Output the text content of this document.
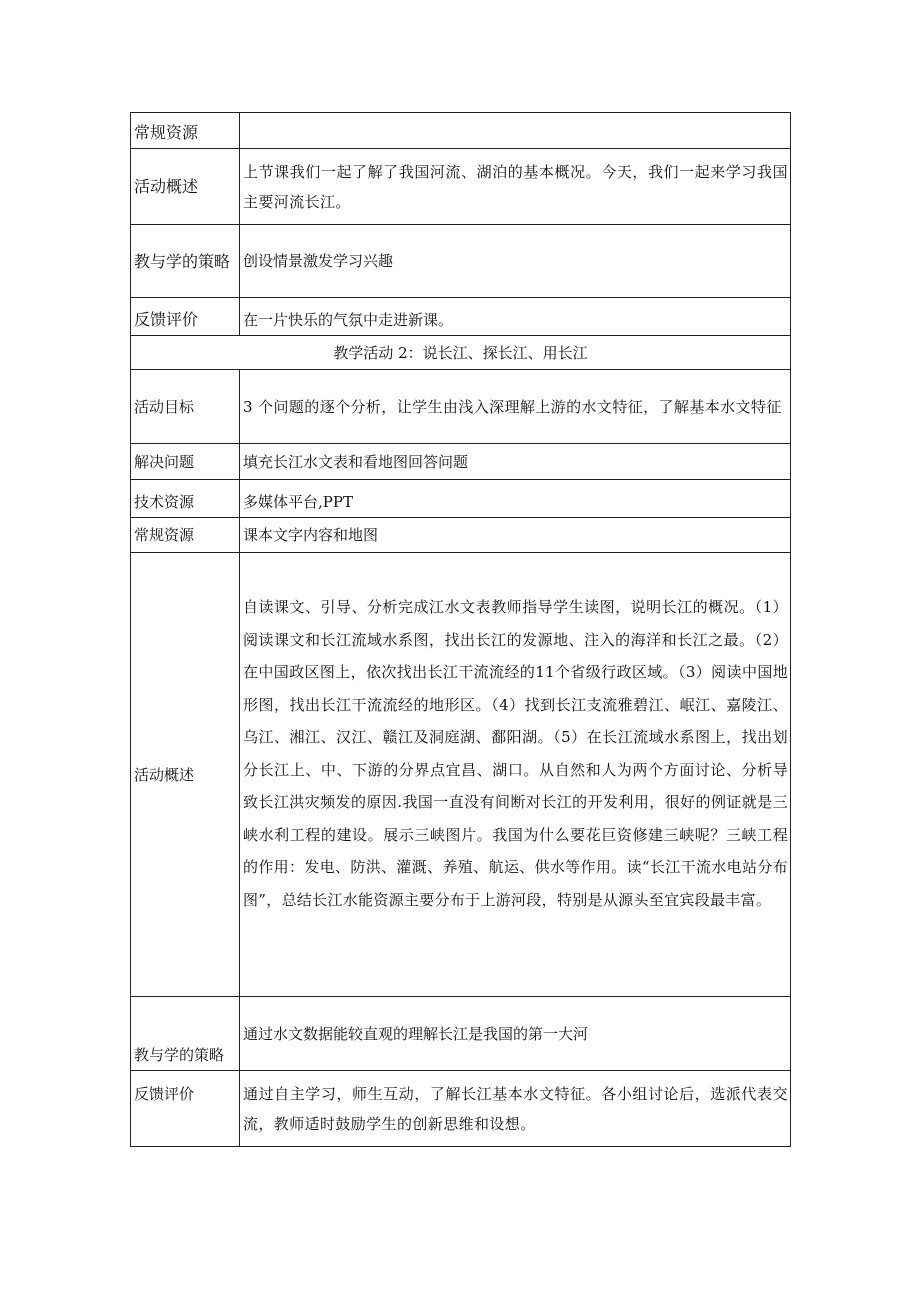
常规资源	
活动概述	上节课我们一起了解了我国河流、湖泊的基本概况。今天，我们一起来学习我国主要河流长江。

教与学的策略	创设情景激发学习兴趣
反馈评价	在一片快乐的气氛中走进新课。
教学活动 2：说长江、探长江、用长江	
活动目标	3 个问题的逐个分析，让学生由浅入深理解上游的水文特征，了解基本水文特征

解决问题	填充长江水文表和看地图回答问题
技术资源	多媒体平台,PPT
常规资源	课本文字内容和地图
活动概述	自读课文、引导、分析完成江水文表教师指导学生读图，说明长江的概况。（1）阅读课文和长江流域水系图，找出长江的发源地、注入的海洋和长江之最。（2）在中国政区图上，依次找出长江干流流经的11个省级行政区域。（3）阅读中国地形图，找出长江干流流经的地形区。（4）找到长江支流雅碧江、岷江、嘉陵江、乌江、湘江、汉江、赣江及洞庭湖、鄱阳湖。（5）在长江流域水系图上，找出划分长江上、中、下游的分界点宜昌、湖口。从自然和人为两个方面讨论、分析导致长江洪灾频发的原因.我国一直没有间断对长江的开发利用，很好的例证就是三峡水利工程的建设。展示三峡图片。我国为什么要花巨资修建三峡呢？三峡工程的作用：发电、防洪、灌溉、养殖、航运、供水等作用。读“长江干流水电站分布图”，总结长江水能资源主要分布于上游河段，特别是从源头至宜宾段最丰富。

教与学的策略	通过水文数据能较直观的理解长江是我国的第一大河
反馈评价	通过自主学习，师生互动，了解长江基本水文特征。各小组讨论后，选派代表交流，教师适时鼓励学生的创新思维和设想。
